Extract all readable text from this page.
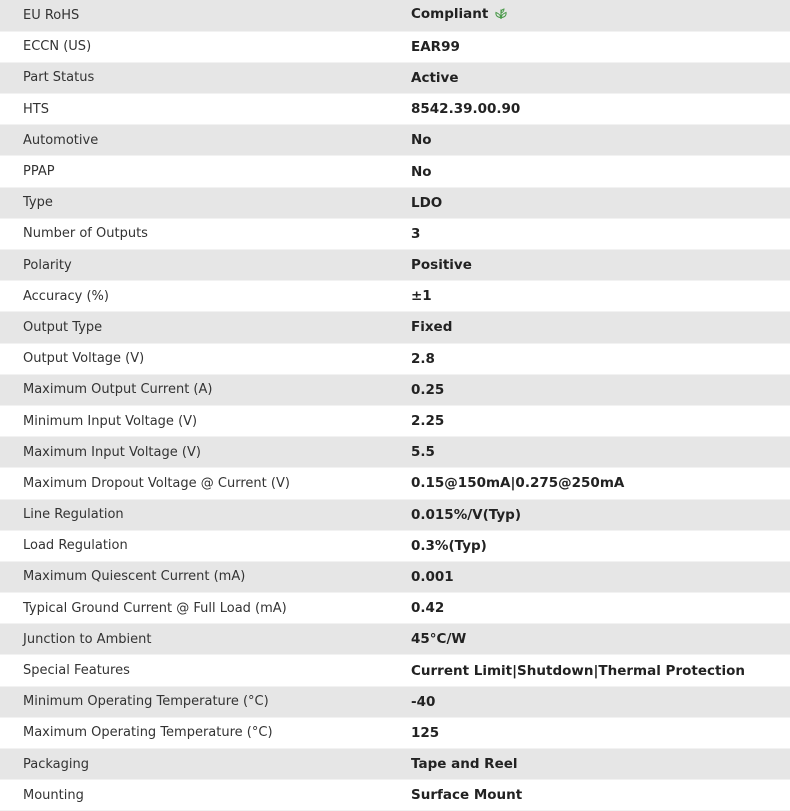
EU RoHS	Compliant
ECCN (US)	EAR99
Part Status	Active
HTS	8542.39.00.90
Automotive	No
PPAP	No
Type	LDO
Number of Outputs	3
Polarity	Positive
Accuracy (%)	±1
Output Type	Fixed
Output Voltage (V)	2.8
Maximum Output Current (A)	0.25
Minimum Input Voltage (V)	2.25
Maximum Input Voltage (V)	5.5
Maximum Dropout Voltage @ Current (V)	0.15@150mA|0.275@250mA
Line Regulation	0.015%/V(Typ)
Load Regulation	0.3%(Typ)
Maximum Quiescent Current (mA)	0.001
Typical Ground Current @ Full Load (mA)	0.42
Junction to Ambient	45°C/W
Special Features	Current Limit|Shutdown|Thermal Protection
Minimum Operating Temperature (°C)	-40
Maximum Operating Temperature (°C)	125
Packaging	Tape and Reel
Mounting	Surface Mount
